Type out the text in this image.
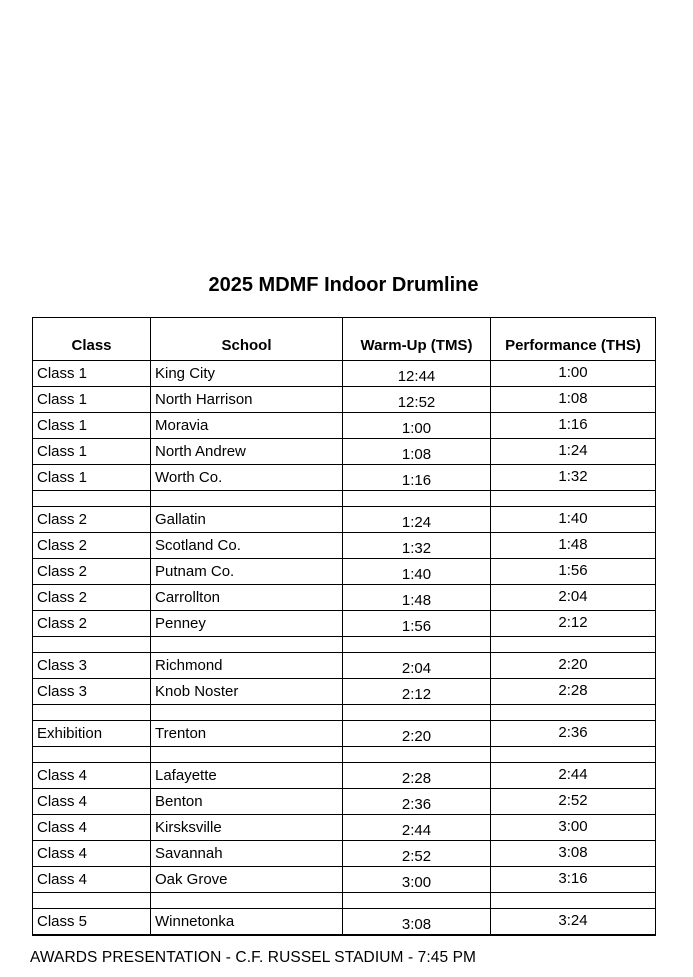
2025 MDMF Indoor Drumline
Class	School	Warm-Up (TMS)	Performance (THS)
Class 1	King City	12:44	1:00
Class 1	North Harrison	12:52	1:08
Class 1	Moravia	1:00	1:16
Class 1	North Andrew	1:08	1:24
Class 1	Worth Co.	1:16	1:32

Class 2	Gallatin	1:24	1:40
Class 2	Scotland Co.	1:32	1:48
Class 2	Putnam Co.	1:40	1:56
Class 2	Carrollton	1:48	2:04
Class 2	Penney	1:56	2:12

Class 3	Richmond	2:04	2:20
Class 3	Knob Noster	2:12	2:28

Exhibition	Trenton	2:20	2:36

Class 4	Lafayette	2:28	2:44
Class 4	Benton	2:36	2:52
Class 4	Kirsksville	2:44	3:00
Class 4	Savannah	2:52	3:08
Class 4	Oak Grove	3:00	3:16

Class 5	Winnetonka	3:08	3:24
AWARDS PRESENTATION - C.F. RUSSEL STADIUM - 7:45 PM
